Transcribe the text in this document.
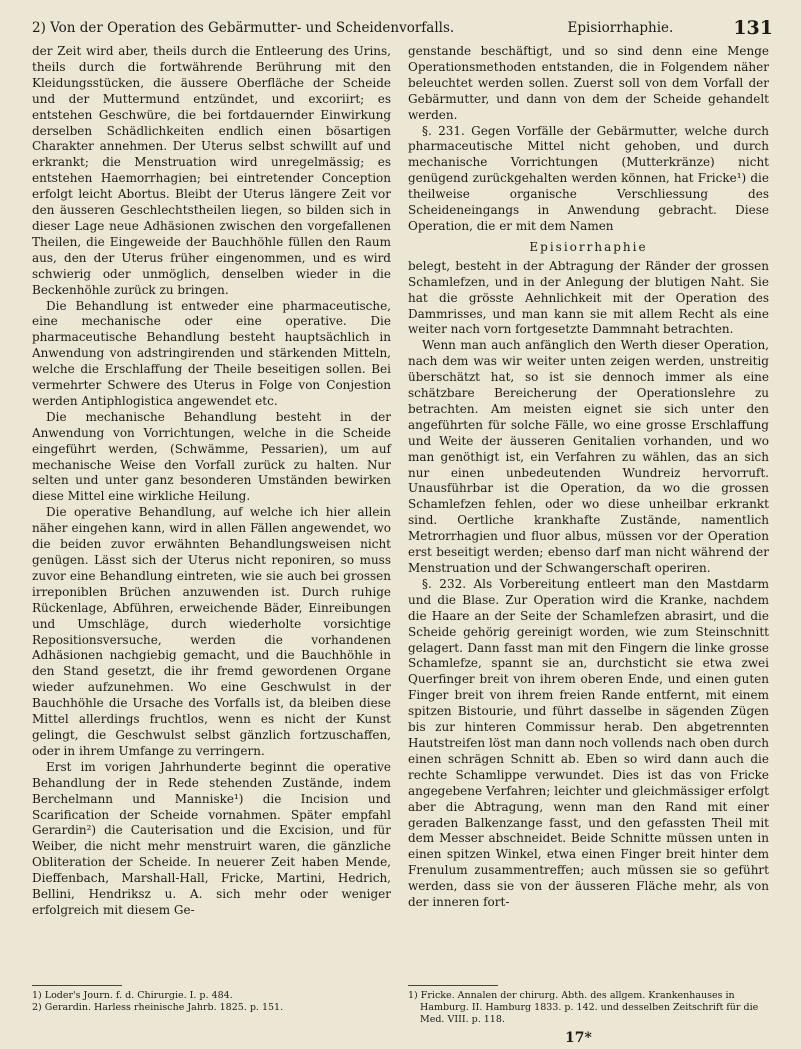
2) Von der Operation des Gebärmutter- und Scheidenvorfalls.	Episiorrhaphie.	131

der Zeit wird aber, theils durch die Entleerung des Urins, theils durch die fortwährende Berührung mit den Kleidungsstücken, die äussere Oberfläche der Scheide und der Muttermund entzündet, und excoriirt; es entstehen Geschwüre, die bei fortdauernder Einwirkung derselben Schädlichkeiten endlich einen bösartigen Charakter annehmen. Der Uterus selbst schwillt auf und erkrankt; die Menstruation wird unregelmässig; es entstehen Haemorrhagien; bei eintretender Conception erfolgt leicht Abortus. Bleibt der Uterus längere Zeit vor den äusseren Geschlechtstheilen liegen, so bilden sich in dieser Lage neue Adhäsionen zwischen den vorgefallenen Theilen, die Eingeweide der Bauchhöhle füllen den Raum aus, den der Uterus früher eingenommen, und es wird schwierig oder unmöglich, denselben wieder in die Beckenhöhle zurück zu bringen.

Die Behandlung ist entweder eine pharmaceutische, eine mechanische oder eine operative. Die pharmaceutische Behandlung besteht hauptsächlich in Anwendung von adstringirenden und stärkenden Mitteln, welche die Erschlaffung der Theile beseitigen sollen. Bei vermehrter Schwere des Uterus in Folge von Conjestion werden Antiphlogistica angewendet etc.

Die mechanische Behandlung besteht in der Anwendung von Vorrichtungen, welche in die Scheide eingeführt werden, (Schwämme, Pessarien), um auf mechanische Weise den Vorfall zurück zu halten. Nur selten und unter ganz besonderen Umständen bewirken diese Mittel eine wirkliche Heilung.

Die operative Behandlung, auf welche ich hier allein näher eingehen kann, wird in allen Fällen angewendet, wo die beiden zuvor erwähnten Behandlungsweisen nicht genügen. Lässt sich der Uterus nicht reponiren, so muss zuvor eine Behandlung eintreten, wie sie auch bei grossen irreponiblen Brüchen anzuwenden ist. Durch ruhige Rückenlage, Abführen, erweichende Bäder, Einreibungen und Umschläge, durch wiederholte vorsichtige Repositionsversuche, werden die vorhandenen Adhäsionen nachgiebig gemacht, und die Bauchhöhle in den Stand gesetzt, die ihr fremd gewordenen Organe wieder aufzunehmen. Wo eine Geschwulst in der Bauchhöhle die Ursache des Vorfalls ist, da bleiben diese Mittel allerdings fruchtlos, wenn es nicht der Kunst gelingt, die Geschwulst selbst gänzlich fortzuschaffen, oder in ihrem Umfange zu verringern.

Erst im vorigen Jahrhunderte beginnt die operative Behandlung der in Rede stehenden Zustände, indem Berchelmann und Manniske¹) die Incision und Scarification der Scheide vornahmen. Später empfahl Gerardin²) die Cauterisation und die Excision, und für Weiber, die nicht mehr menstruirt waren, die gänzliche Obliteration der Scheide. In neuerer Zeit haben Mende, Dieffenbach, Marshall-Hall, Fricke, Martini, Hedrich, Bellini, Hendriksz u. A. sich mehr oder weniger erfolgreich mit diesem Ge-

genstande beschäftigt, und so sind denn eine Menge Operationsmethoden entstanden, die in Folgendem näher beleuchtet werden sollen. Zuerst soll von dem Vorfall der Gebärmutter, und dann von dem der Scheide gehandelt werden.

§. 231. Gegen Vorfälle der Gebärmutter, welche durch pharmaceutische Mittel nicht gehoben, und durch mechanische Vorrichtungen (Mutterkränze) nicht genügend zurückgehalten werden können, hat Fricke¹) die theilweise organische Verschliessung des Scheideneingangs in Anwendung gebracht. Diese Operation, die er mit dem Namen

Episiorrhaphie

belegt, besteht in der Abtragung der Ränder der grossen Schamlefzen, und in der Anlegung der blutigen Naht. Sie hat die grösste Aehnlichkeit mit der Operation des Dammrisses, und man kann sie mit allem Recht als eine weiter nach vorn fortgesetzte Dammnaht betrachten.

Wenn man auch anfänglich den Werth dieser Operation, nach dem was wir weiter unten zeigen werden, unstreitig überschätzt hat, so ist sie dennoch immer als eine schätzbare Bereicherung der Operationslehre zu betrachten. Am meisten eignet sie sich unter den angeführten für solche Fälle, wo eine grosse Erschlaffung und Weite der äusseren Genitalien vorhanden, und wo man genöthigt ist, ein Verfahren zu wählen, das an sich nur einen unbedeutenden Wundreiz hervorruft. Unausführbar ist die Operation, da wo die grossen Schamlefzen fehlen, oder wo diese unheilbar erkrankt sind. Oertliche krankhafte Zustände, namentlich Metrorrhagien und fluor albus, müssen vor der Operation erst beseitigt werden; ebenso darf man nicht während der Menstruation und der Schwangerschaft operiren.

§. 232. Als Vorbereitung entleert man den Mastdarm und die Blase. Zur Operation wird die Kranke, nachdem die Haare an der Seite der Schamlefzen abrasirt, und die Scheide gehörig gereinigt worden, wie zum Steinschnitt gelagert. Dann fasst man mit den Fingern die linke grosse Schamlefze, spannt sie an, durchsticht sie etwa zwei Querfinger breit von ihrem oberen Ende, und einen guten Finger breit von ihrem freien Rande entfernt, mit einem spitzen Bistourie, und führt dasselbe in sägenden Zügen bis zur hinteren Commissur herab. Den abgetrennten Hautstreifen löst man dann noch vollends nach oben durch einen schrägen Schnitt ab. Eben so wird dann auch die rechte Schamlippe verwundet. Dies ist das von Fricke angegebene Verfahren; leichter und gleichmässiger erfolgt aber die Abtragung, wenn man den Rand mit einer geraden Balkenzange fasst, und den gefassten Theil mit dem Messer abschneidet. Beide Schnitte müssen unten in einen spitzen Winkel, etwa einen Finger breit hinter dem Frenulum zusammentreffen; auch müssen sie so geführt werden, dass sie von der äusseren Fläche mehr, als von der inneren fort-

1) Loder's Journ. f. d. Chirurgie. I. p. 484.

2) Gerardin. Harless rheinische Jahrb. 1825. p. 151.

1) Fricke. Annalen der chirurg. Abth. des allgem. Krankenhauses in Hamburg. II. Hamburg 1833. p. 142. und desselben Zeitschrift für die Med. VIII. p. 118.

17*
